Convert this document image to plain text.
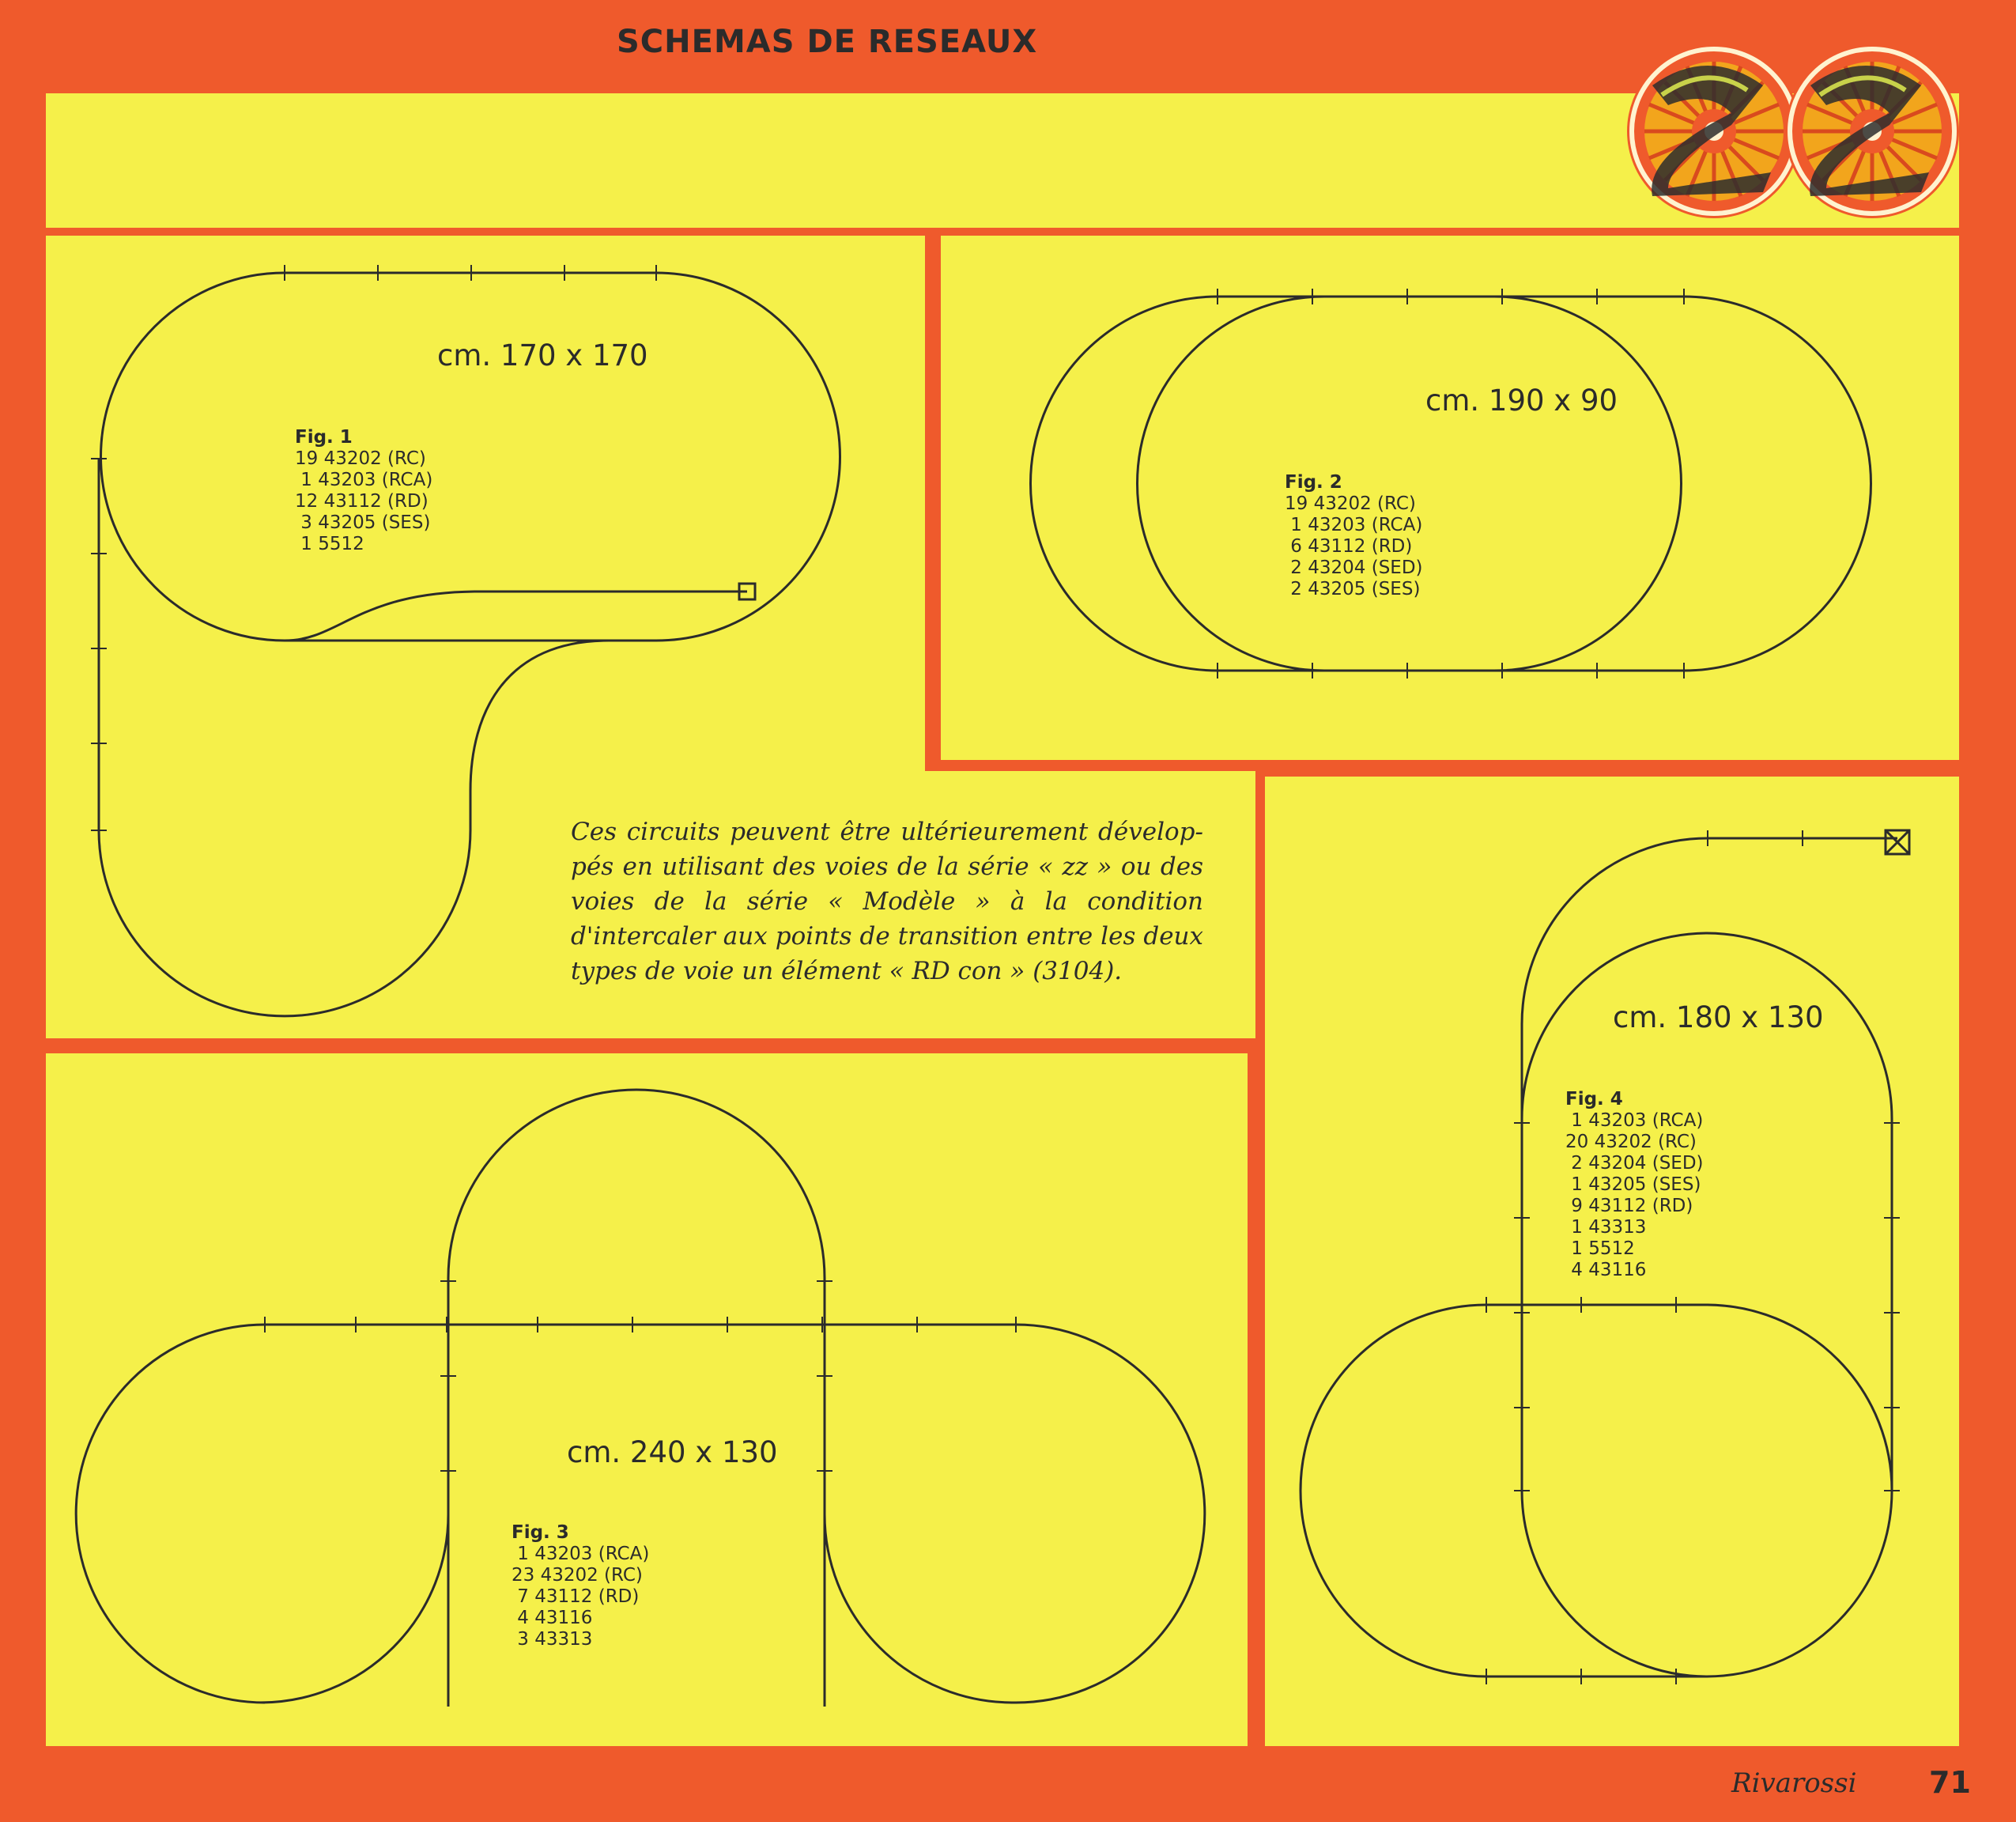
SCHEMAS DE RESEAUX
cm. 170 x 170
Fig. 1
19 43202 (RC)
1 43203 (RCA)
12 43112 (RD)
3 43205 (SES)
1 5512
cm. 190 x 90
Fig. 2
19 43202 (RC)
1 43203 (RCA)
6 43112 (RD)
2 43204 (SED)
2 43205 (SES)
Ces circuits peuvent être ultérieurement dévelop-pés en utilisant des voies de la série « zz » ou des voies de la série « Modèle » à la condition d'intercaler aux points de transition entre les deux types de voie un élément « RD con » (3104).
cm. 240 x 130
Fig. 3
1 43203 (RCA)
23 43202 (RC)
7 43112 (RD)
4 43116
3 43313
cm. 180 x 130
Fig. 4
1 43203 (RCA)
20 43202 (RC)
2 43204 (SED)
1 43205 (SES)
9 43112 (RD)
1 43313
1 5512
4 43116
Rivarossi 71
